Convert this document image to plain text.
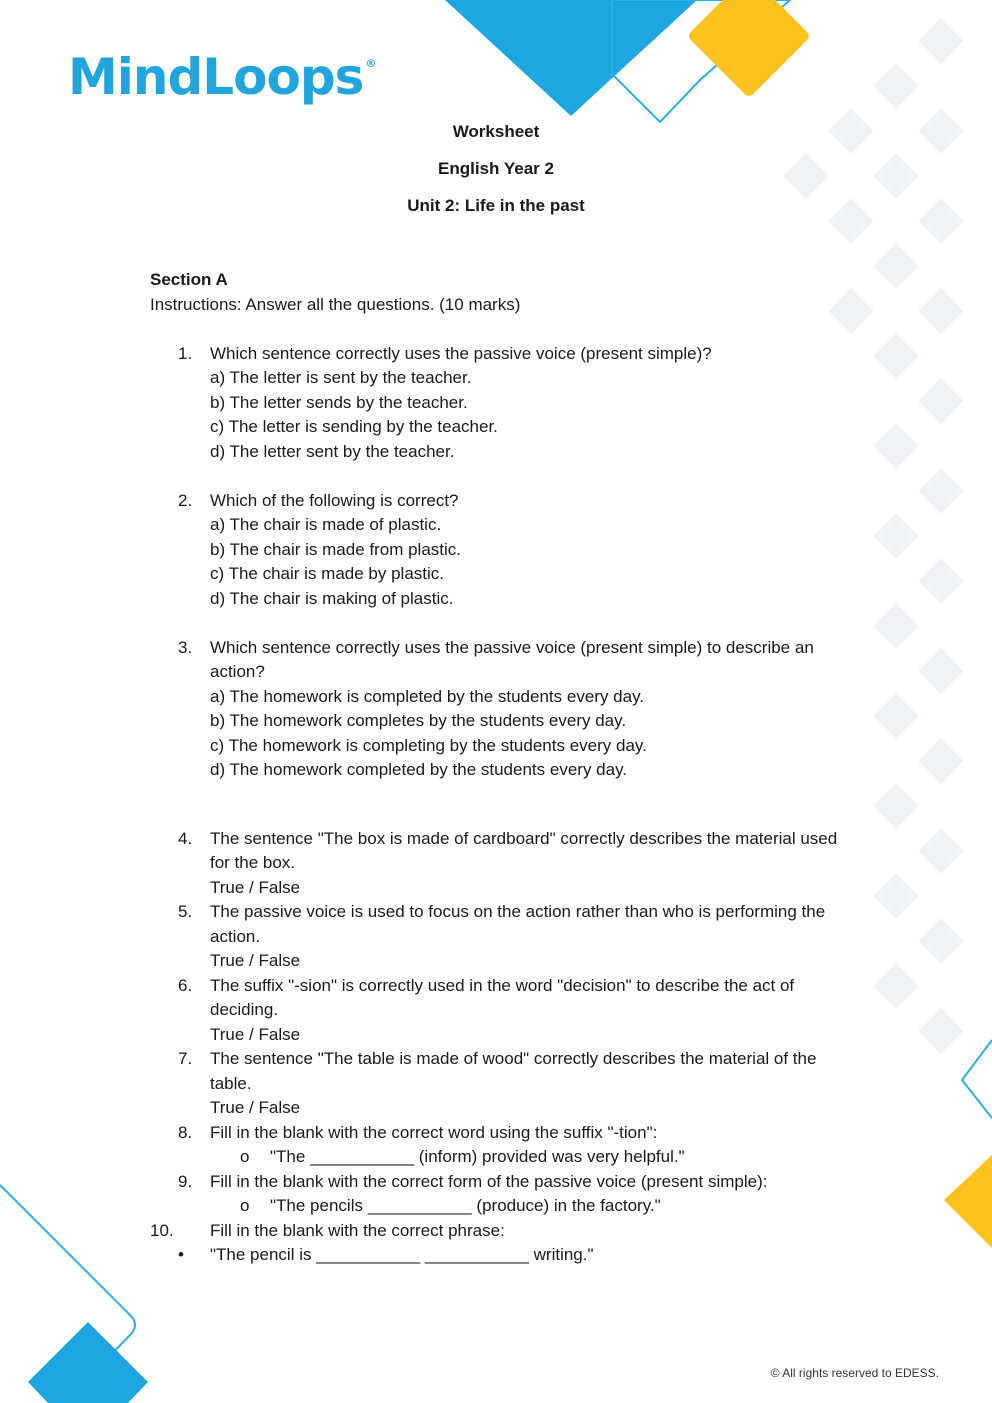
MindLoops ®
Worksheet
English Year 2
Unit 2: Life in the past
Section A
Instructions: Answer all the questions. (10 marks)
1. Which sentence correctly uses the passive voice (present simple)?
a) The letter is sent by the teacher.
b) The letter sends by the teacher.
c) The letter is sending by the teacher.
d) The letter sent by the teacher.
2. Which of the following is correct?
a) The chair is made of plastic.
b) The chair is made from plastic.
c) The chair is made by plastic.
d) The chair is making of plastic.
3. Which sentence correctly uses the passive voice (present simple) to describe an action?
a) The homework is completed by the students every day.
b) The homework completes by the students every day.
c) The homework is completing by the students every day.
d) The homework completed by the students every day.
4. The sentence "The box is made of cardboard" correctly describes the material used for the box.
True / False
5. The passive voice is used to focus on the action rather than who is performing the action.
True / False
6. The suffix "-sion" is correctly used in the word "decision" to describe the act of deciding.
True / False
7. The sentence "The table is made of wood" correctly describes the material of the table.
True / False
8. Fill in the blank with the correct word using the suffix "-tion":
o "The ___________ (inform) provided was very helpful."
9. Fill in the blank with the correct form of the passive voice (present simple):
o "The pencils ___________ (produce) in the factory."
10. Fill in the blank with the correct phrase:
• "The pencil is ___________ ___________ writing."
© All rights reserved to EDESS.
